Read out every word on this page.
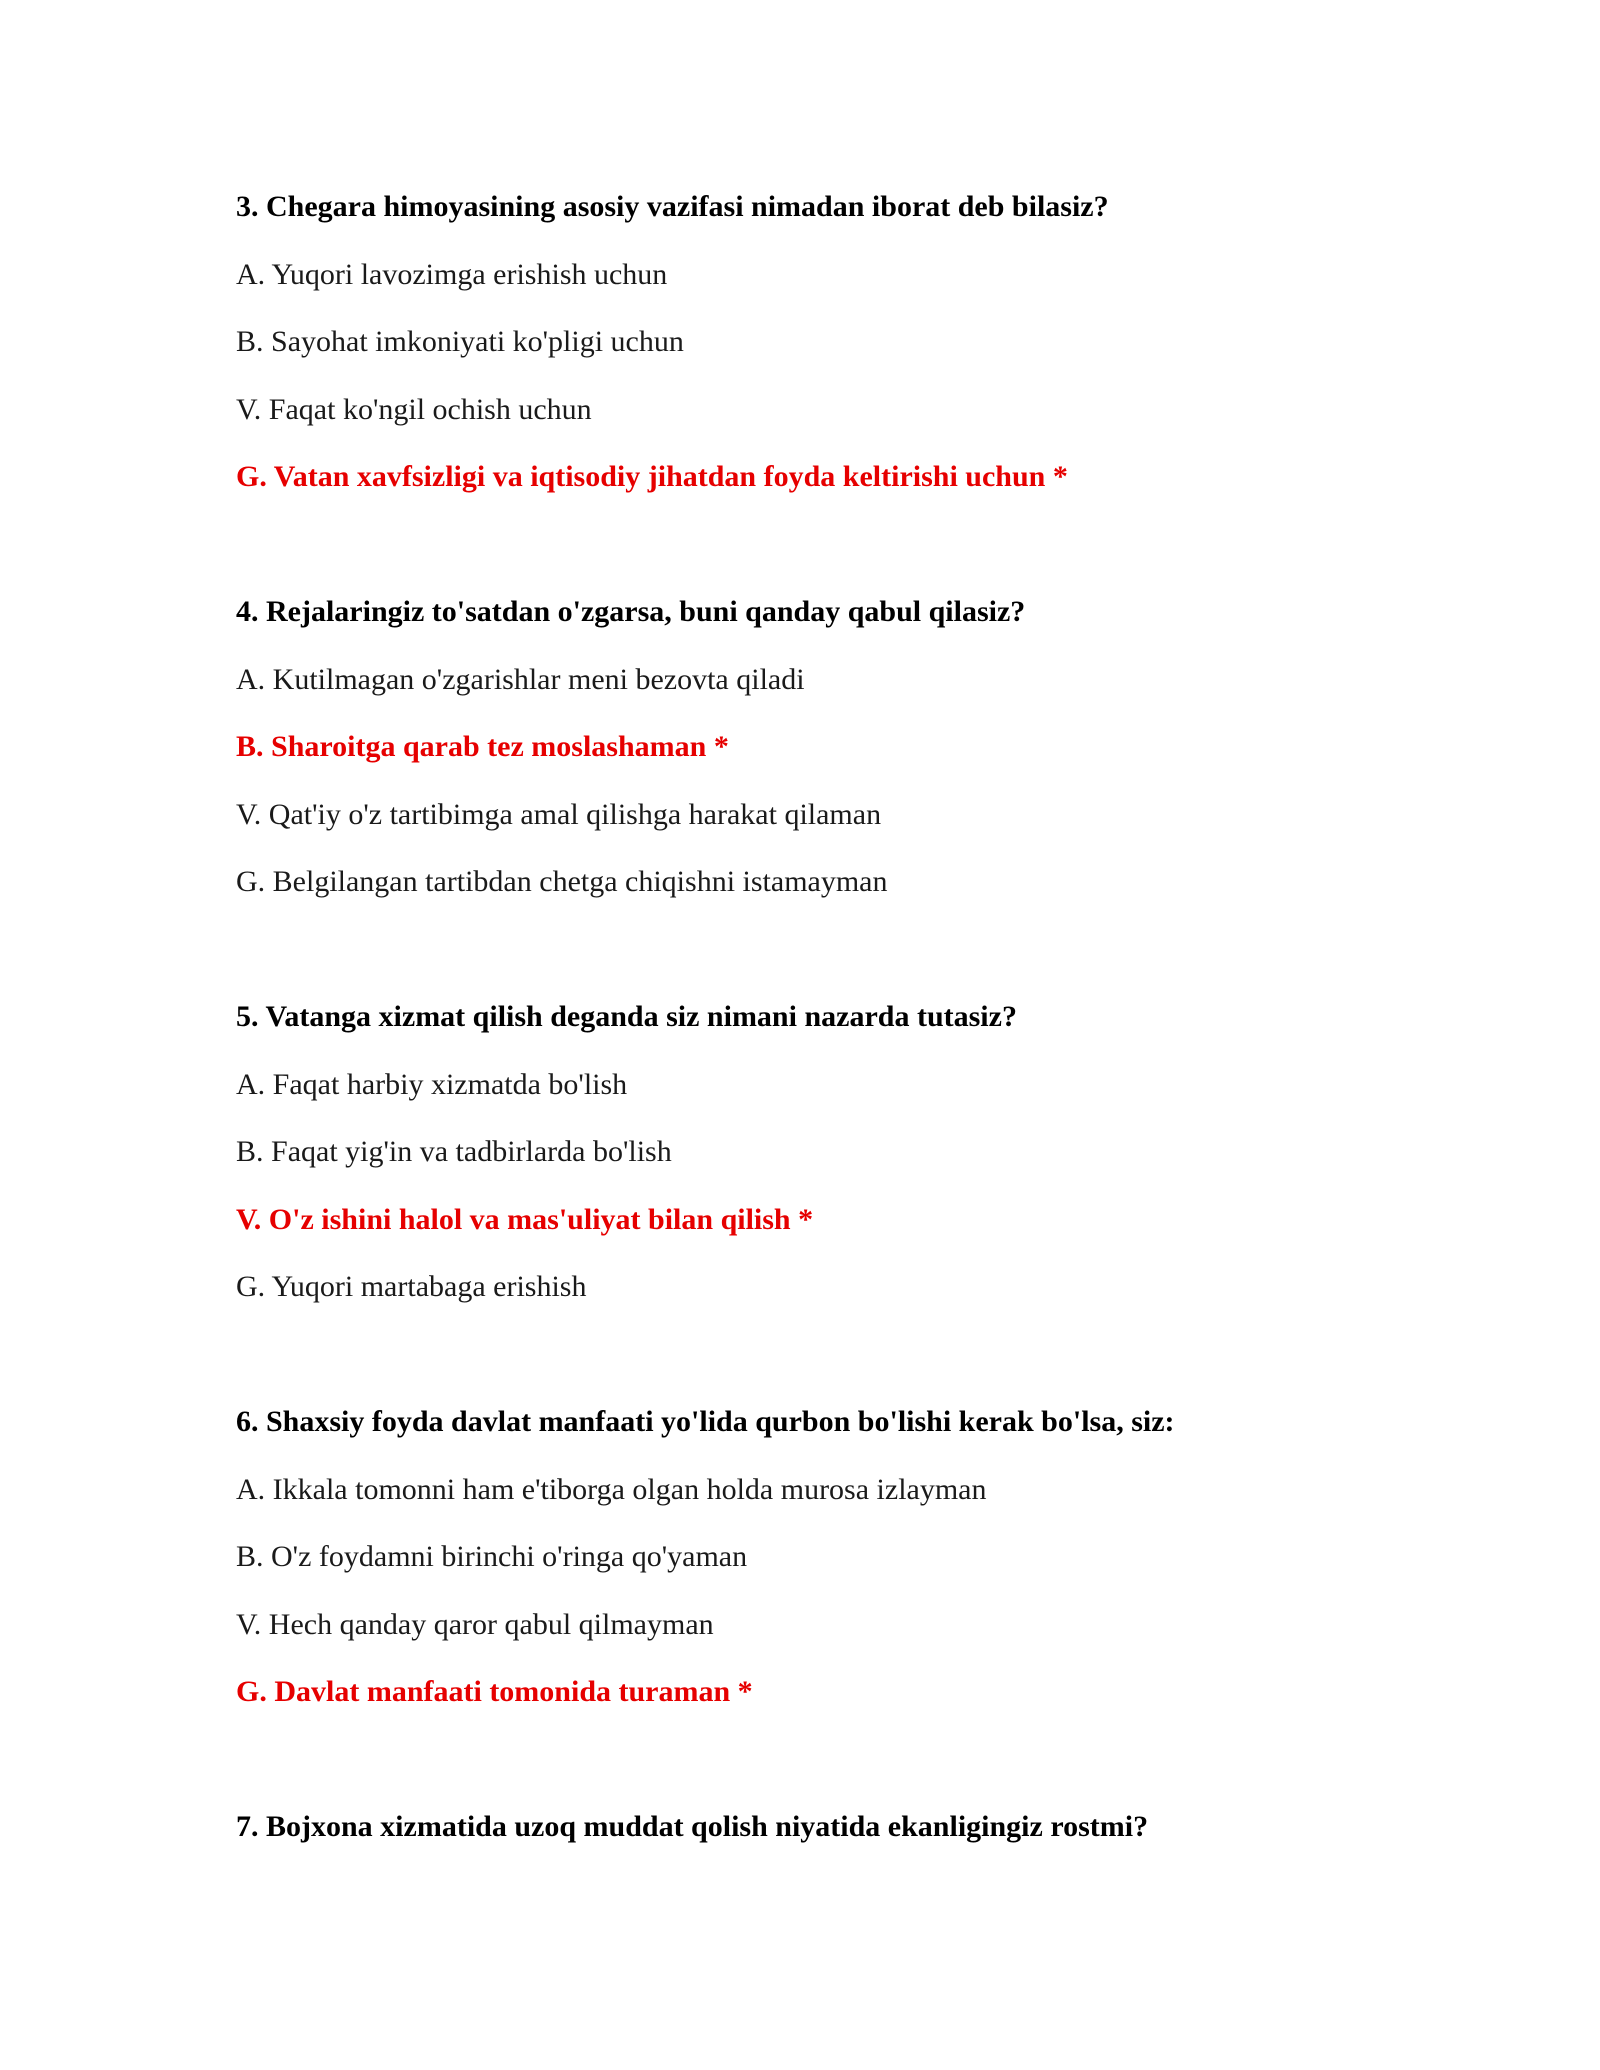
3. Chegara himoyasining asosiy vazifasi nimadan iborat deb bilasiz?
A. Yuqori lavozimga erishish uchun
B. Sayohat imkoniyati ko'pligi uchun
V. Faqat ko'ngil ochish uchun
G. Vatan xavfsizligi va iqtisodiy jihatdan foyda keltirishi uchun *
4. Rejalaringiz to'satdan o'zgarsa, buni qanday qabul qilasiz?
A. Kutilmagan o'zgarishlar meni bezovta qiladi
B. Sharoitga qarab tez moslashaman *
V. Qat'iy o'z tartibimga amal qilishga harakat qilaman
G. Belgilangan tartibdan chetga chiqishni istamayman
5. Vatanga xizmat qilish deganda siz nimani nazarda tutasiz?
A. Faqat harbiy xizmatda bo'lish
B. Faqat yig'in va tadbirlarda bo'lish
V. O'z ishini halol va mas'uliyat bilan qilish *
G. Yuqori martabaga erishish
6. Shaxsiy foyda davlat manfaati yo'lida qurbon bo'lishi kerak bo'lsa, siz:
A. Ikkala tomonni ham e'tiborga olgan holda murosa izlayman
B. O'z foydamni birinchi o'ringa qo'yaman
V. Hech qanday qaror qabul qilmayman
G. Davlat manfaati tomonida turaman *
7. Bojxona xizmatida uzoq muddat qolish niyatida ekanligingiz rostmi?
